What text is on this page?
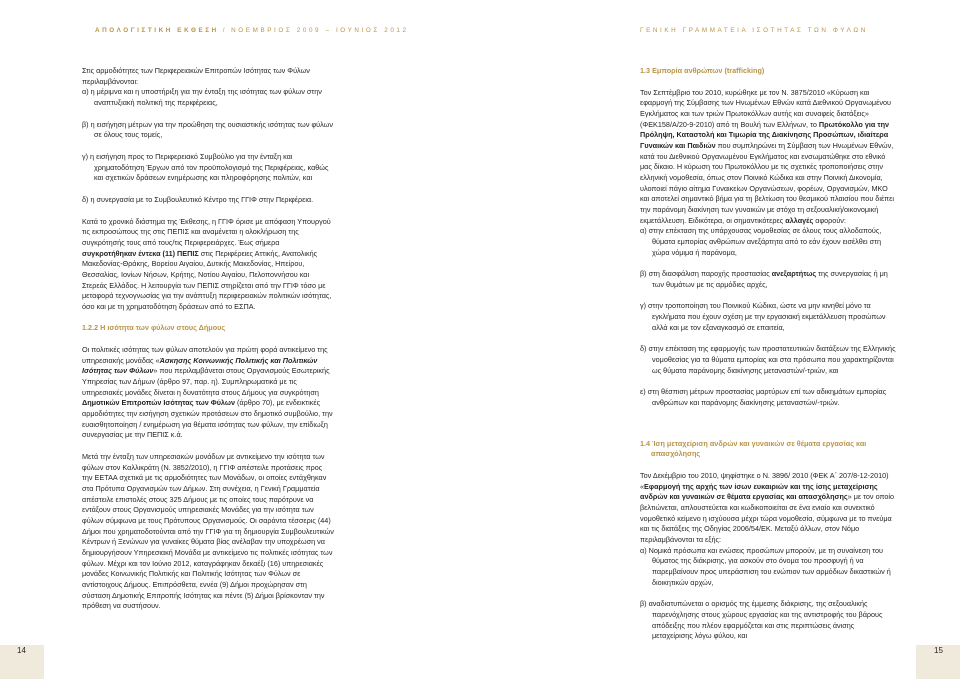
ΑΠΟΛΟΓΙΣΤΙΚΗ ΕΚΘΕΣΗ / ΝΟΕΜΒΡΙΟΣ 2009 – ΙΟΥΝΙΟΣ 2012

Στις αρμοδιότητες των Περιφερειακών Επιτροπών Ισότητας των Φύλων περιλαμβάνονται:

α) η μέριμνα και η υποστήριξη για την ένταξη της ισότητας των φύλων στην αναπτυξιακή πολιτική της περιφέρειας,

β) η εισήγηση μέτρων για την προώθηση της ουσιαστικής ισότητας των φύλων σε όλους τους τομείς,

γ) η εισήγηση προς το Περιφερειακό Συμβούλιο για την ένταξη και χρηματοδότηση Έργων από τον προϋπολογισμό της Περιφέρειας, καθώς και σχετικών δράσεων ενημέρωσης και πληροφόρησης πολιτών, και

δ) η συνεργασία με το Συμβουλευτικό Κέντρο της ΓΓΙΦ στην Περιφέρεια.

Κατά το χρονικό διάστημα της Έκθεσης, η ΓΓΙΦ όρισε με απόφαση Υπουργού τις εκπροσώπους της στις ΠΕΠΙΣ και αναμένεται η ολοκλήρωση της συγκρότησής τους από τους/τις Περιφερειάρχες. Έως σήμερα συγκροτήθηκαν έντεκα (11) ΠΕΠΙΣ στις Περιφέρειες Αττικής, Ανατολικής Μακεδονίας-Θράκης, Βορείου Αιγαίου, Δυτικής Μακεδονίας, Ηπείρου, Θεσσαλίας, Ιονίων Νήσων, Κρήτης, Νοτίου Αιγαίου, Πελοποννήσου και Στερεάς Ελλάδος. Η λειτουργία των ΠΕΠΙΣ στηρίζεται από την ΓΓΙΦ τόσο με μεταφορά τεχνογνωσίας για την ανάπτυξη περιφερειακών πολιτικών ισότητας, όσο και με τη χρηματοδότηση δράσεων από το ΕΣΠΑ.

1.2.2 Η ισότητα των φύλων στους Δήμους

Οι πολιτικές ισότητας των φύλων αποτελούν για πρώτη φορά αντικείμενο της υπηρεσιακής μονάδας «Άσκησης Κοινωνικής Πολιτικής και Πολιτικών Ισότητας των Φύλων» που περιλαμβάνεται στους Οργανισμούς Εσωτερικής Υπηρεσίας των Δήμων (άρθρο 97, παρ. η). Συμπληρωματικά με τις υπηρεσιακές μονάδες δίνεται η δυνατότητα στους Δήμους για συγκρότηση Δημοτικών Επιτροπών Ισότητας των Φύλων (άρθρο 70), με ενδεικτικές αρμοδιότητες την εισήγηση σχετικών προτάσεων στο δημοτικό συμβούλιο, την ευαισθητοποίηση / ενημέρωση για θέματα ισότητας των φύλων, την επίδιωξη συνεργασίας με την ΠΕΠΙΣ κ.ά.

Μετά την ένταξη των υπηρεσιακών μονάδων με αντικείμενο την ισότητα των φύλων στον Καλλικράτη (Ν. 3852/2010), η ΓΓΙΦ απέστειλε προτάσεις προς την ΕΕΤΑΑ σχετικά με τις αρμοδιότητες των Μονάδων, οι οποίες εντάχθηκαν στα Πρότυπα Οργανισμών των Δήμων. Στη συνέχεια, η Γενική Γραμματεία απέστειλε επιστολές στους 325 Δήμους με τις οποίες τους παρότρυνε να εντάξουν στους Οργανισμούς υπηρεσιακές Μονάδες για την ισότητα των φύλων σύμφωνα με τους Πρότυπους Οργανισμούς. Οι σαράντα τέσσερις (44) Δήμοι που χρηματοδοτούνται από την ΓΓΙΦ για τη δημιουργία Συμβουλευτικών Κέντρων ή Ξενώνων για γυναίκες θύματα βίας ανέλαβαν την υποχρέωση να δημιουργήσουν Υπηρεσιακή Μονάδα με αντικείμενο τις πολιτικές ισότητας των φύλων. Μέχρι και τον Ιούνιο 2012, καταγράφηκαν δεκαέξι (16) υπηρεσιακές μονάδες Κοινωνικής Πολιτικής και Πολιτικής Ισότητας των Φύλων σε αντίστοιχους Δήμους. Επιπρόσθετα, εννέα (9) Δήμοι προχώρησαν στη σύσταση Δημοτικής Επιτροπής Ισότητας και πέντε (5) Δήμοι βρίσκονταν την πρόθεση να συστήσουν.

14
ΓΕΝΙΚΗ ΓΡΑΜΜΑΤΕΙΑ ΙΣΟΤΗΤΑΣ ΤΩΝ ΦΥΛΩΝ

1.3 Εμπορία ανθρώπων (trafficking)

Τον Σεπτέμβριο του 2010, κυρώθηκε με τον Ν. 3875/2010 «Κύρωση και εφαρμογή της Σύμβασης των Ηνωμένων Εθνών κατά Διεθνικού Οργανωμένου Εγκλήματος και των τριών Πρωτοκόλλων αυτής και συναφείς διατάξεις» (ΦΕΚ158/Α/20-9-2010) από τη Βουλή των Ελλήνων, το Πρωτόκολλο για την Πρόληψη, Καταστολή και Τιμωρία της Διακίνησης Προσώπων, ιδιαίτερα Γυναικών και Παιδιών που συμπληρώνει τη Σύμβαση των Ηνωμένων Εθνών, κατά του Διεθνικού Οργανωμένου Εγκλήματος και ενσωματώθηκε στο εθνικό μας δίκαιο. Η κύρωση του Πρωτοκόλλου με τις σχετικές τροποποιήσεις στην ελληνική νομοθεσία, όπως στον Ποινικό Κώδικα και στην Ποινική Δικονομία, υλοποιεί πάγιο αίτημα Γυναικείων Οργανώσεων, φορέων, Οργανισμών, ΜΚΟ και αποτελεί σημαντικό βήμα για τη βελτίωση του θεσμικού πλαισίου που διέπει την παράνομη διακίνηση των γυναικών με στόχο τη σεξουαλική/οικονομική εκμετάλλευση. Ειδικότερα, οι σημαντικότερες αλλαγές αφορούν:

α) στην επέκταση της υπάρχουσας νομοθεσίας σε όλους τους αλλοδαπούς, θύματα εμπορίας ανθρώπων ανεξάρτητα από το εάν έχουν εισέλθει στη χώρα νόμιμα ή παράνομα,

β) στη διασφάλιση παροχής προστασίας ανεξαρτήτως της συνεργασίας ή μη των θυμάτων με τις αρμόδιες αρχές,

γ) στην τροποποίηση του Ποινικού Κώδικα, ώστε να μην κινηθεί μόνο τα εγκλήματα που έχουν σχέση με την εργασιακή εκμετάλλευση προσώπων αλλά και με τον εξαναγκασμό σε επαιτεία,

δ) στην επέκταση της εφαρμογής των προστατευτικών διατάξεων της Ελληνικής νομοθεσίας για τα θύματα εμπορίας και στα πρόσωπα που χαρακτηρίζονται ως θύματα παράνομης διακίνησης μεταναστών/-τριών, και

ε) στη θέσπιση μέτρων προστασίας μαρτύρων επί των αδικημάτων εμπορίας ανθρώπων και παράνομης διακίνησης μεταναστών/-τριών.

1.4 Ίση μεταχείριση ανδρών και γυναικών σε θέματα εργασίας και απασχόλησης

Τον Δεκέμβριο του 2010, ψηφίστηκε ο Ν. 3896/ 2010 (ΦΕΚ Α΄ 207/8-12-2010) «Εφαρμογή της αρχής των ίσων ευκαιριών και της ίσης μεταχείρισης ανδρών και γυναικών σε θέματα εργασίας και απασχόλησης» με τον οποίο βελτιώνεται, απλουστεύεται και κωδικοποιείται σε ένα ενιαίο και συνεκτικό νομοθετικό κείμενο η ισχύουσα μέχρι τώρα νομοθεσία, σύμφωνα με το πνεύμα και τις διατάξεις της Οδηγίας 2006/54/ΕΚ. Μεταξύ άλλων, στον Νόμο περιλαμβάνονται τα εξής:

α) Νομικά πρόσωπα και ενώσεις προσώπων μπορούν, με τη συναίνεση του θύματος της διάκρισης, για ασκούν στο όνομα του προσφυγή ή να παρεμβαίνουν προς υπεράσπιση του ενώπιον των αρμόδιων δικαστικών ή διοικητικών αρχών,

β) αναδιατυπώνεται ο ορισμός της έμμεσης διάκρισης, της σεξουαλικής παρενόχλησης στους χώρους εργασίας και της αντιστροφής του βάρους απόδειξης που πλέον εφαρμόζεται και στις περιπτώσεις άνισης μεταχείρισης λόγω φύλου, και

15
